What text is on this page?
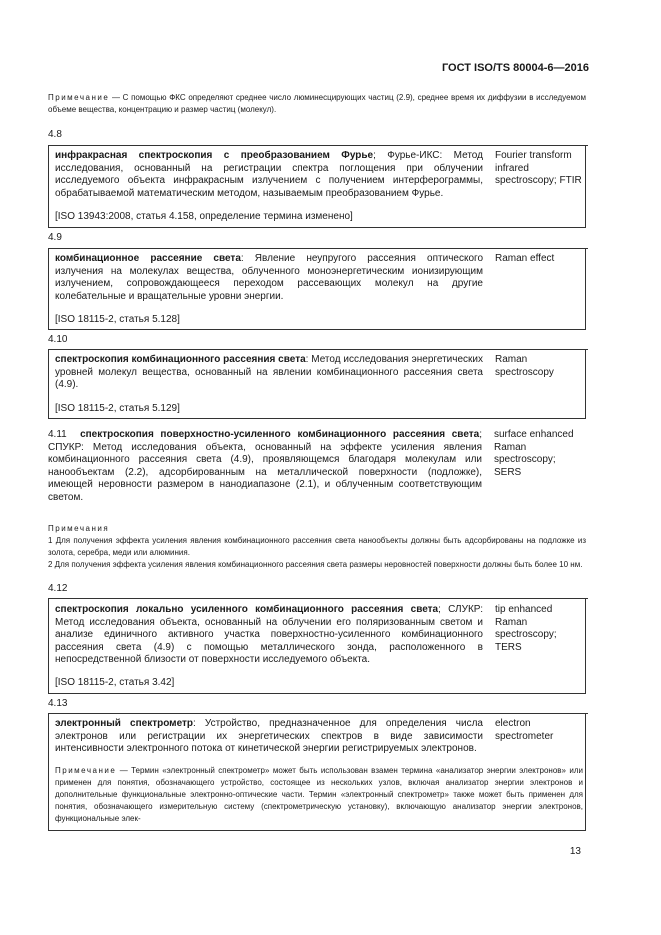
ГОСТ ISO/TS 80004-6—2016
Примечание — С помощью ФКС определяют среднее число люминесцирующих частиц (2.9), среднее время их диффузии в исследуемом объеме вещества, концентрацию и размер частиц (молекул).
4.8
инфракрасная спектроскопия с преобразованием Фурье; Фурье-ИКС: Метод исследования, основанный на регистрации спектра поглощения при облучении исследуемого объекта инфракрасным излучением с получением интерферограммы, обрабатываемой математическим методом, называемым преобразованием Фурье.
Fourier transform infrared spectroscopy; FTIR
[ISO 13943:2008, статья 4.158, определение термина изменено]
4.9
комбинационное рассеяние света: Явление неупругого рассеяния оптического излучения на молекулах вещества, облученного моноэнергетическим ионизирующим излучением, сопровождающееся переходом рассевающих молекул на другие колебательные и вращательные уровни энергии.
Raman effect
[ISO 18115-2, статья 5.128]
4.10
спектроскопия комбинационного рассеяния света: Метод исследования энергетических уровней молекул вещества, основанный на явлении комбинационного рассеяния света (4.9).
Raman spectroscopy
[ISO 18115-2, статья 5.129]
4.11 спектроскопия поверхностно-усиленного комбинационного рассеяния света; СПУКР: Метод исследования объекта, основанный на эффекте усиления явления комбинационного рассеяния света (4.9), проявляющемся благодаря молекулам или нанообъектам (2.2), адсорбированным на металлической поверхности (подложке), имеющей неровности размером в нанодиапазоне (2.1), и облученным соответствующим светом.
surface enhanced Raman spectroscopy; SERS
Примечания
1 Для получения эффекта усиления явления комбинационного рассеяния света нанообъекты должны быть адсорбированы на подложке из золота, серебра, меди или алюминия.
2 Для получения эффекта усиления явления комбинационного рассеяния света размеры неровностей поверхности должны быть более 10 нм.
4.12
спектроскопия локально усиленного комбинационного рассеяния света; СЛУКР: Метод исследования объекта, основанный на облучении его поляризованным светом и анализе единичного активного участка поверхностно-усиленного комбинационного рассеяния света (4.9) с помощью металлического зонда, расположенного в непосредственной близости от поверхности исследуемого объекта.
tip enhanced Raman spectroscopy; TERS
[ISO 18115-2, статья 3.42]
4.13
электронный спектрометр: Устройство, предназначенное для определения числа электронов или регистрации их энергетических спектров в виде зависимости интенсивности электронного потока от кинетической энергии регистрируемых электронов.
electron spectrometer
Примечание — Термин «электронный спектрометр» может быть использован взамен термина «анализатор энергии электронов» или применен для понятия, обозначающего устройство, состоящее из нескольких узлов, включая анализатор энергии электронов и дополнительные функциональные электронно-оптические части. Термин «электронный спектрометр» также может быть применен для понятия, обозначающего измерительную систему (спектрометрическую установку), включающую анализатор энергии электронов, функциональные элек-
13
